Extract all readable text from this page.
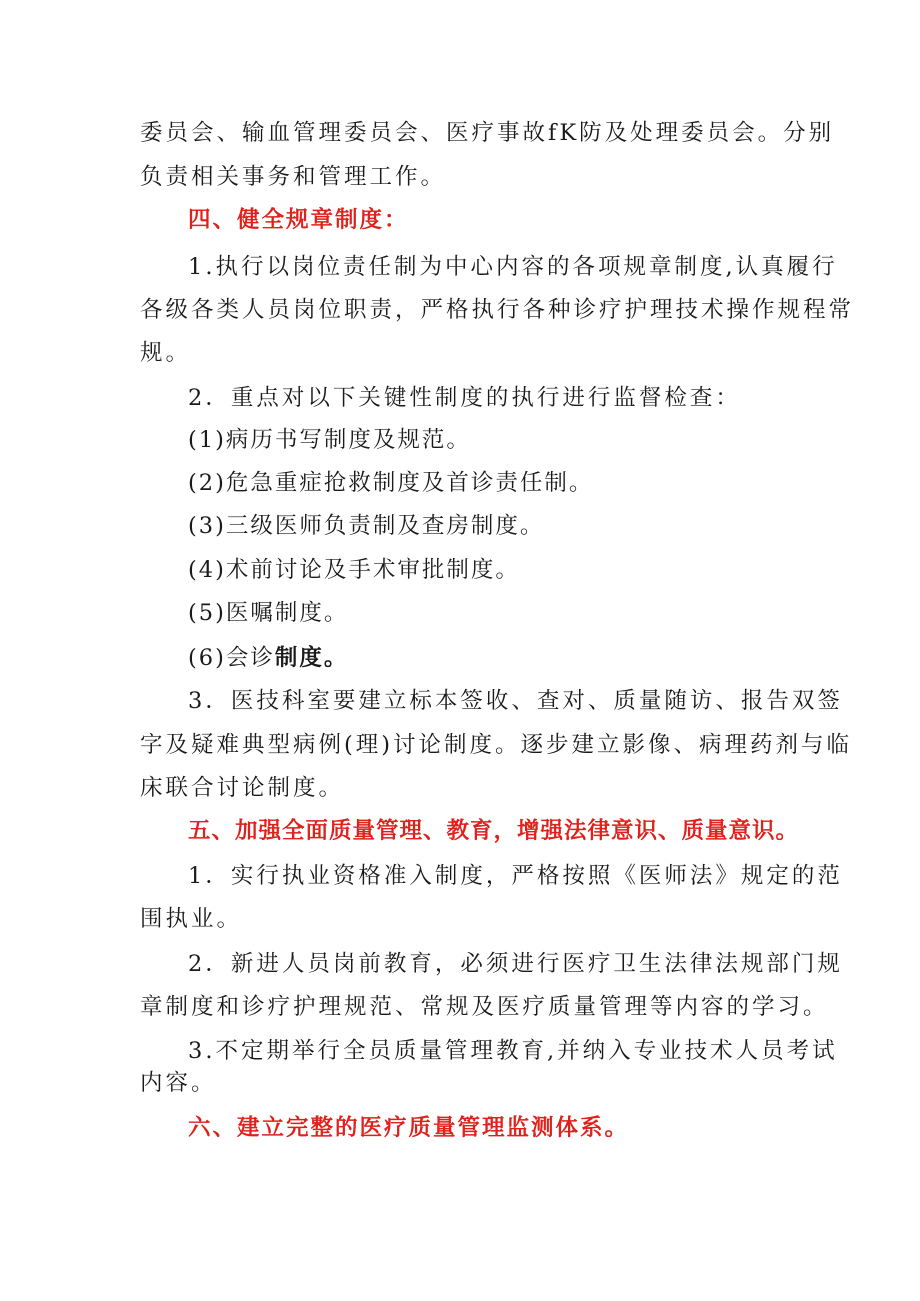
委员会、输血管理委员会、医疗事故fK防及处理委员会。分别
负责相关事务和管理工作。
四、健全规章制度：
1.执行以岗位责任制为中心内容的各项规章制度,认真履行
各级各类人员岗位职责，严格执行各种诊疗护理技术操作规程常
规。
2．重点对以下关键性制度的执行进行监督检查：
(1)病历书写制度及规范。
(2)危急重症抢救制度及首诊责任制。
(3)三级医师负责制及查房制度。
(4)术前讨论及手术审批制度。
(5)医嘱制度。
(6)会诊制度。
3．医技科室要建立标本签收、查对、质量随访、报告双签
字及疑难典型病例(理)讨论制度。逐步建立影像、病理药剂与临
床联合讨论制度。
五、加强全面质量管理、教育，增强法律意识、质量意识。
1．实行执业资格准入制度，严格按照《医师法》规定的范
围执业。
2．新进人员岗前教育，必须进行医疗卫生法律法规部门规
章制度和诊疗护理规范、常规及医疗质量管理等内容的学习。
3.不定期举行全员质量管理教育,并纳入专业技术人员考试
内容。
六、建立完整的医疗质量管理监测体系。
